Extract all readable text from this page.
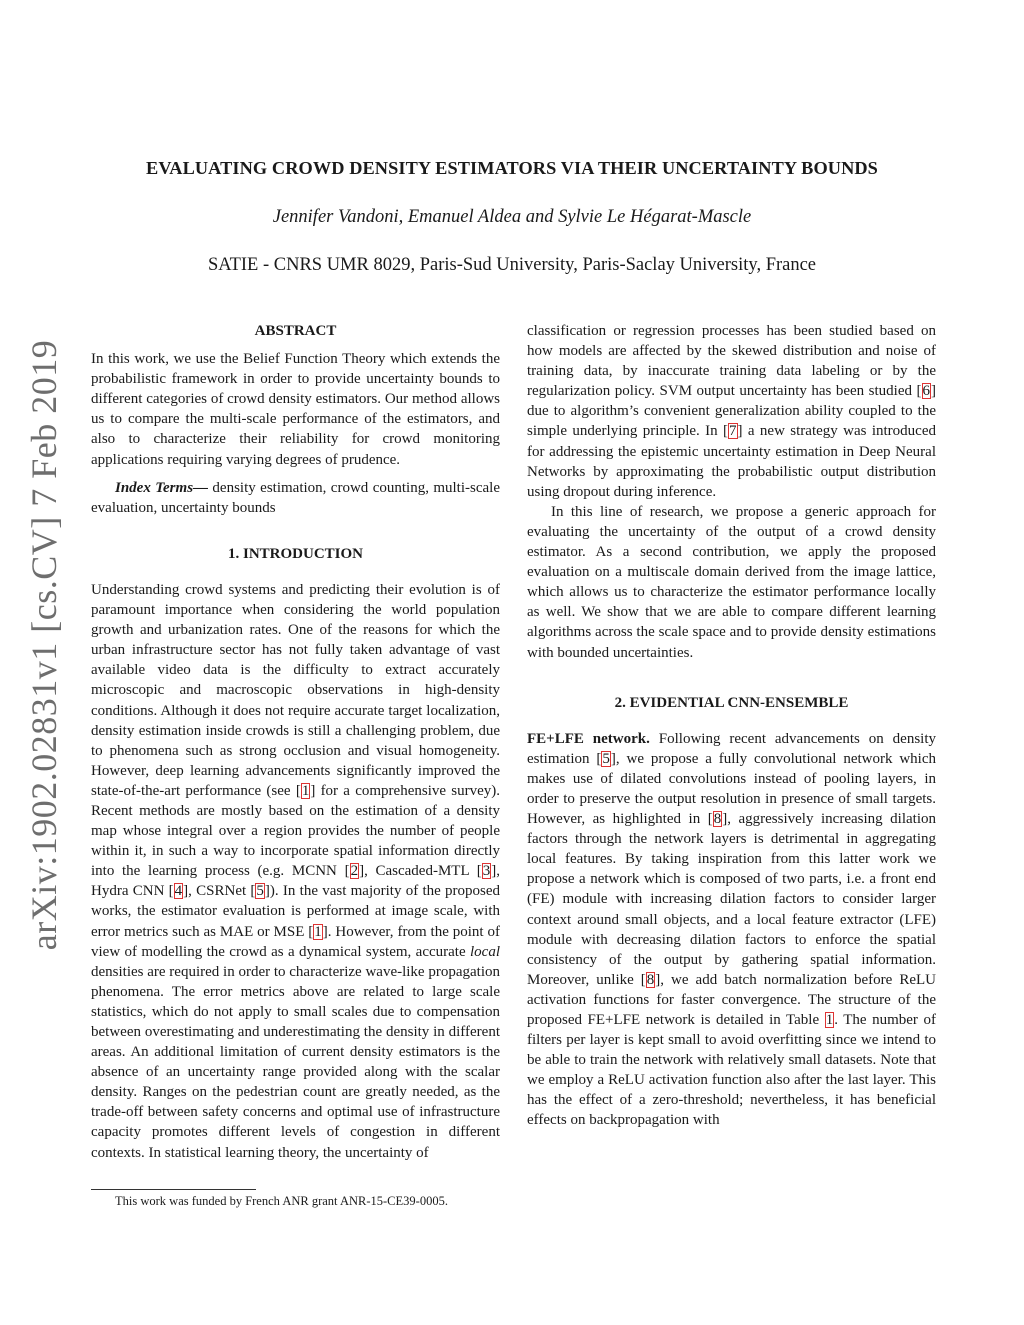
arXiv:1902.02831v1 [cs.CV] 7 Feb 2019
EVALUATING CROWD DENSITY ESTIMATORS VIA THEIR UNCERTAINTY BOUNDS
Jennifer Vandoni, Emanuel Aldea and Sylvie Le Hégarat-Mascle
SATIE - CNRS UMR 8029, Paris-Sud University, Paris-Saclay University, France

ABSTRACT

In this work, we use the Belief Function Theory which extends the probabilistic framework in order to provide uncertainty bounds to different categories of crowd density estimators. Our method allows us to compare the multi-scale performance of the estimators, and also to characterize their reliability for crowd monitoring applications requiring varying degrees of prudence.

Index Terms— density estimation, crowd counting, multi-scale evaluation, uncertainty bounds

1. INTRODUCTION

Understanding crowd systems and predicting their evolution is of paramount importance when considering the world population growth and urbanization rates. One of the reasons for which the urban infrastructure sector has not fully taken advantage of vast available video data is the difficulty to extract accurately microscopic and macroscopic observations in high-density conditions. Although it does not require accurate target localization, density estimation inside crowds is still a challenging problem, due to phenomena such as strong occlusion and visual homogeneity. However, deep learning advancements significantly improved the state-of-the-art performance (see [1] for a comprehensive survey). Recent methods are mostly based on the estimation of a density map whose integral over a region provides the number of people within it, in such a way to incorporate spatial information directly into the learning process (e.g. MCNN [2], Cascaded-MTL [3], Hydra CNN [4], CSRNet [5]). In the vast majority of the proposed works, the estimator evaluation is performed at image scale, with error metrics such as MAE or MSE [1]. However, from the point of view of modelling the crowd as a dynamical system, accurate local densities are required in order to characterize wave-like propagation phenomena. The error metrics above are related to large scale statistics, which do not apply to small scales due to compensation between overestimating and underestimating the density in different areas. An additional limitation of current density estimators is the absence of an uncertainty range provided along with the scalar density. Ranges on the pedestrian count are greatly needed, as the trade-off between safety concerns and optimal use of infrastructure capacity promotes different levels of congestion in different contexts. In statistical learning theory, the uncertainty of

classification or regression processes has been studied based on how models are affected by the skewed distribution and noise of training data, by inaccurate training data labeling or by the regularization policy. SVM output uncertainty has been studied [6] due to algorithm’s convenient generalization ability coupled to the simple underlying principle. In [7] a new strategy was introduced for addressing the epistemic uncertainty estimation in Deep Neural Networks by approximating the probabilistic output distribution using dropout during inference.

In this line of research, we propose a generic approach for evaluating the uncertainty of the output of a crowd density estimator. As a second contribution, we apply the proposed evaluation on a multiscale domain derived from the image lattice, which allows us to characterize the estimator performance locally as well. We show that we are able to compare different learning algorithms across the scale space and to provide density estimations with bounded uncertainties.

2. EVIDENTIAL CNN-ENSEMBLE

FE+LFE network. Following recent advancements on density estimation [5], we propose a fully convolutional network which makes use of dilated convolutions instead of pooling layers, in order to preserve the output resolution in presence of small targets. However, as highlighted in [8], aggressively increasing dilation factors through the network layers is detrimental in aggregating local features. By taking inspiration from this latter work we propose a network which is composed of two parts, i.e. a front end (FE) module with increasing dilation factors to consider larger context around small objects, and a local feature extractor (LFE) module with decreasing dilation factors to enforce the spatial consistency of the output by gathering spatial information. Moreover, unlike [8], we add batch normalization before ReLU activation functions for faster convergence. The structure of the proposed FE+LFE network is detailed in Table 1. The number of filters per layer is kept small to avoid overfitting since we intend to be able to train the network with relatively small datasets. Note that we employ a ReLU activation function also after the last layer. This has the effect of a zero-threshold; nevertheless, it has beneficial effects on backpropagation with

This work was funded by French ANR grant ANR-15-CE39-0005.
